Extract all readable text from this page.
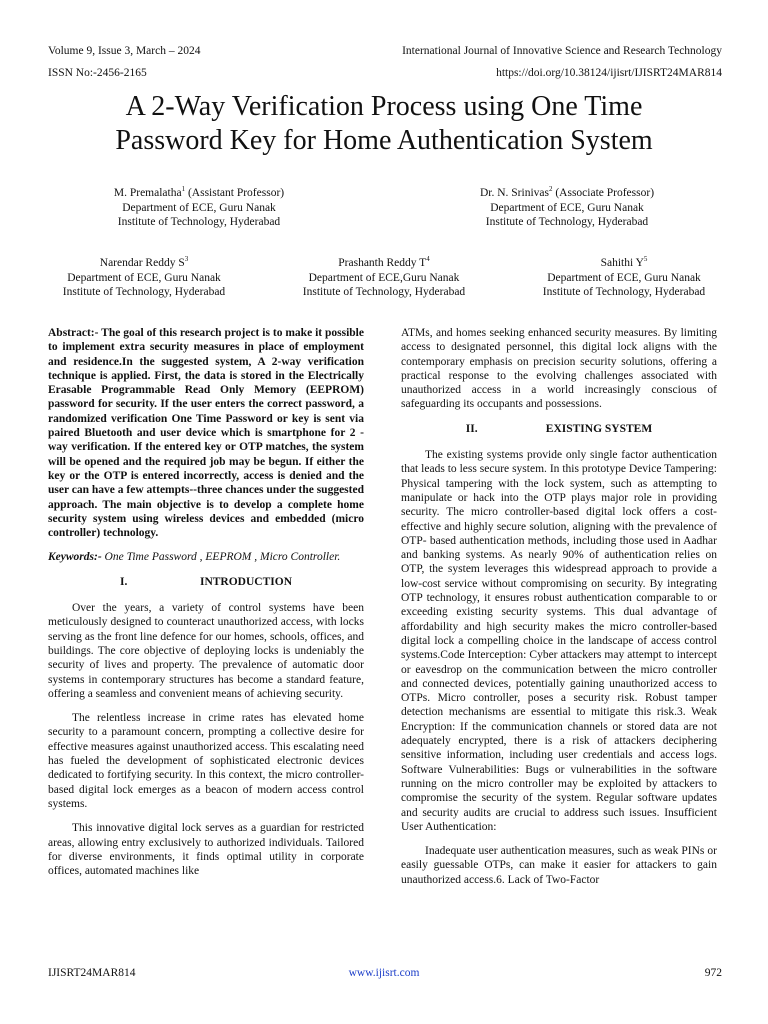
Volume 9, Issue 3, March – 2024	International Journal of Innovative Science and Research Technology
ISSN No:-2456-2165	https://doi.org/10.38124/ijisrt/IJISRT24MAR814
A 2-Way Verification Process using One Time
Password Key for Home Authentication System
M. Premalatha$^1$ (Assistant Professor)
Department of ECE, Guru Nanak
Institute of Technology, Hyderabad
Dr. N. Srinivas$^2$ (Associate Professor)
Department of ECE, Guru Nanak
Institute of Technology, Hyderabad
Narendar Reddy $S^3$
Department of ECE, Guru Nanak
Institute of Technology, Hyderabad
Prashanth Reddy $T^4$
Department of ECE,Guru Nanak
Institute of Technology, Hyderabad
Sahithi $Y^5$
Department of ECE, Guru Nanak
Institute of Technology, Hyderabad

Abstract:- The goal of this research project is to make it possible to implement extra security measures in place of employment and residence.In the suggested system, A 2-way verification technique is applied. First, the data is stored in the Electrically Erasable Programmable Read Only Memory (EEPROM) password for security. If the user enters the correct password, a randomized verification One Time Password or key is sent via paired Bluetooth and user device which is smartphone for 2 -way verification. If the entered key or OTP matches, the system will be opened and the required job may be begun. If either the key or the OTP is entered incorrectly, access is denied and the user can have a few attempts--three chances under the suggested approach. The main objective is to develop a complete home security system using wireless devices and embedded (micro controller) technology.

Keywords:- One Time Password , EEPROM , Micro Controller.

I.	INTRODUCTION

Over the years, a variety of control systems have been meticulously designed to counteract unauthorized access, with locks serving as the front line defence for our homes, schools, offices, and buildings. The core objective of deploying locks is undeniably the security of lives and property. The prevalence of automatic door systems in contemporary structures has become a standard feature, offering a seamless and convenient means of achieving security.

The relentless increase in crime rates has elevated home security to a paramount concern, prompting a collective desire for effective measures against unauthorized access. This escalating need has fueled the development of sophisticated electronic devices dedicated to fortifying security. In this context, the micro controller-based digital lock emerges as a beacon of modern access control systems.

This innovative digital lock serves as a guardian for restricted areas, allowing entry exclusively to authorized individuals. Tailored for diverse environments, it finds optimal utility in corporate offices, automated machines like

ATMs, and homes seeking enhanced security measures. By limiting access to designated personnel, this digital lock aligns with the contemporary emphasis on precision security solutions, offering a practical response to the evolving challenges associated with unauthorized access in a world increasingly conscious of safeguarding its occupants and possessions.

II.	EXISTING SYSTEM

The existing systems provide only single factor authentication that leads to less secure system. In this prototype Device Tampering: Physical tampering with the lock system, such as attempting to manipulate or hack into the OTP plays major role in providing security. The micro controller-based digital lock offers a cost-effective and highly secure solution, aligning with the prevalence of OTP- based authentication methods, including those used in Aadhar and banking systems. As nearly 90% of authentication relies on OTP, the system leverages this widespread approach to provide a low-cost service without compromising on security. By integrating OTP technology, it ensures robust authentication comparable to or exceeding existing security systems. This dual advantage of affordability and high security makes the micro controller-based digital lock a compelling choice in the landscape of access control systems.Code Interception: Cyber attackers may attempt to intercept or eavesdrop on the communication between the micro controller and connected devices, potentially gaining unauthorized access to OTPs. Micro controller, poses a security risk. Robust tamper detection mechanisms are essential to mitigate this risk.3. Weak Encryption: If the communication channels or stored data are not adequately encrypted, there is a risk of attackers deciphering sensitive information, including user credentials and access logs. Software Vulnerabilities: Bugs or vulnerabilities in the software running on the micro controller may be exploited by attackers to compromise the security of the system. Regular software updates and security audits are crucial to address such issues. Insufficient User Authentication:

Inadequate user authentication measures, such as weak PINs or easily guessable OTPs, can make it easier for attackers to gain unauthorized access.6. Lack of Two-Factor

IJISRT24MAR814	www.ijisrt.com	972
